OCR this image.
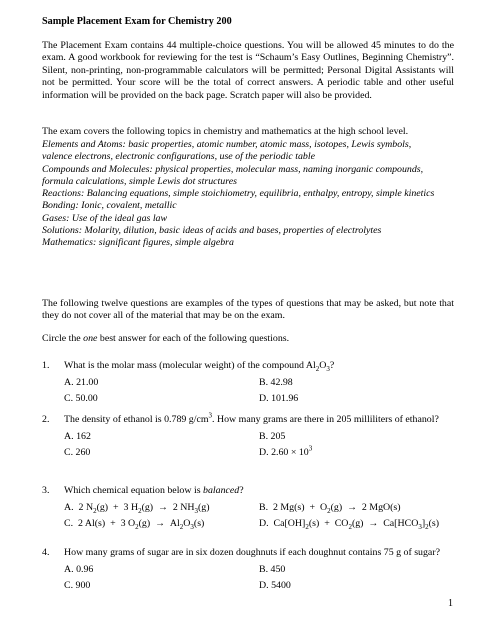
Sample Placement Exam for Chemistry 200
The Placement Exam contains 44 multiple-choice questions. You will be allowed 45 minutes to do the exam. A good workbook for reviewing for the test is “Schaum’s Easy Outlines, Beginning Chemistry”. Silent, non-printing, non-programmable calculators will be permitted; Personal Digital Assistants will not be permitted. Your score will be the total of correct answers. A periodic table and other useful information will be provided on the back page. Scratch paper will also be provided.
The exam covers the following topics in chemistry and mathematics at the high school level.
Elements and Atoms: basic properties, atomic number, atomic mass, isotopes, Lewis symbols,
valence electrons, electronic configurations, use of the periodic table
Compounds and Molecules: physical properties, molecular mass, naming inorganic compounds,
formula calculations, simple Lewis dot structures
Reactions: Balancing equations, simple stoichiometry, equilibria, enthalpy, entropy, simple kinetics
Bonding: Ionic, covalent, metallic
Gases: Use of the ideal gas law
Solutions: Molarity, dilution, basic ideas of acids and bases, properties of electrolytes
Mathematics: significant figures, simple algebra
The following twelve questions are examples of the types of questions that may be asked, but note that they do not cover all of the material that may be on the exam.
Circle the one best answer for each of the following questions.
1. What is the molar mass (molecular weight) of the compound $Al_2O_3$?
A. 21.00	B. 42.98
C. 50.00	D. 101.96
2. The density of ethanol is 0.789 $g/cm^3$. How many grams are there in 205 milliliters of ethanol?
A. 162	B. 205
C. 260	D. $2.60 \times 10^3$
3. Which chemical equation below is balanced?
A.  2 $N_2(g) + 3$ $H_2(g) \to 2$ $NH_3(g)$	B.  2 $Mg(s) + O_2(g) \to 2$ MgO(s)
C.  2 Al(s)  +  3 $O_2(g) \to Al_2O_3(s)$	D.  $Ca[OH]_2(s) + CO_2(g) \to Ca[HCO_3]_2(s)$
4. How many grams of sugar are in six dozen doughnuts if each doughnut contains 75 g of sugar?
A. 0.96	B. 450
C. 900	D. 5400
1
